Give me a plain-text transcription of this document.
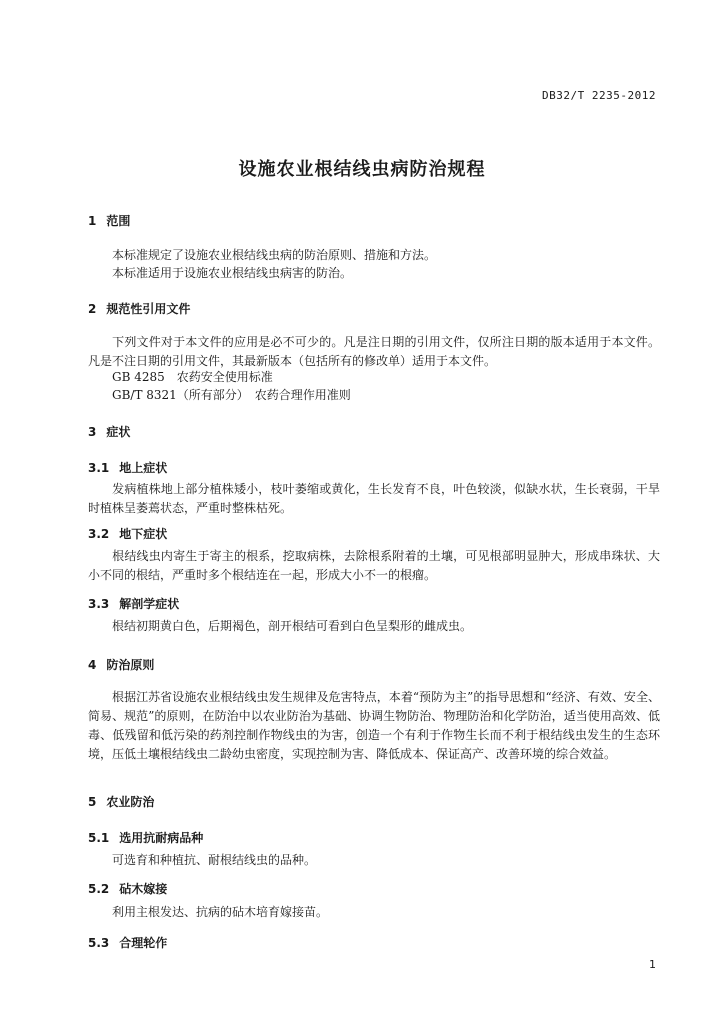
DB32/T 2235-2012
设施农业根结线虫病防治规程
1 范围
本标准规定了设施农业根结线虫病的防治原则、措施和方法。
本标准适用于设施农业根结线虫病害的防治。
2 规范性引用文件
下列文件对于本文件的应用是必不可少的。凡是注日期的引用文件，仅所注日期的版本适用于本文件。凡是不注日期的引用文件，其最新版本（包括所有的修改单）适用于本文件。
GB 4285　农药安全使用标准
GB/T 8321（所有部分）　农药合理作用准则
3 症状
3.1 地上症状
发病植株地上部分植株矮小，枝叶萎缩或黄化，生长发育不良，叶色较淡，似缺水状，生长衰弱，干旱时植株呈萎蔫状态，严重时整株枯死。
3.2 地下症状
根结线虫内寄生于寄主的根系，挖取病株，去除根系附着的土壤，可见根部明显肿大，形成串珠状、大小不同的根结，严重时多个根结连在一起，形成大小不一的根瘤。
3.3 解剖学症状
根结初期黄白色，后期褐色，剖开根结可看到白色呈梨形的雌成虫。
4 防治原则
根据江苏省设施农业根结线虫发生规律及危害特点，本着“预防为主”的指导思想和“经济、有效、安全、简易、规范”的原则，在防治中以农业防治为基础、协调生物防治、物理防治和化学防治，适当使用高效、低毒、低残留和低污染的药剂控制作物线虫的为害，创造一个有利于作物生长而不利于根结线虫发生的生态环境，压低土壤根结线虫二龄幼虫密度，实现控制为害、降低成本、保证高产、改善环境的综合效益。
5 农业防治
5.1 选用抗耐病品种
可选育和种植抗、耐根结线虫的品种。
5.2 砧木嫁接
利用主根发达、抗病的砧木培育嫁接苗。
5.3 合理轮作
1
